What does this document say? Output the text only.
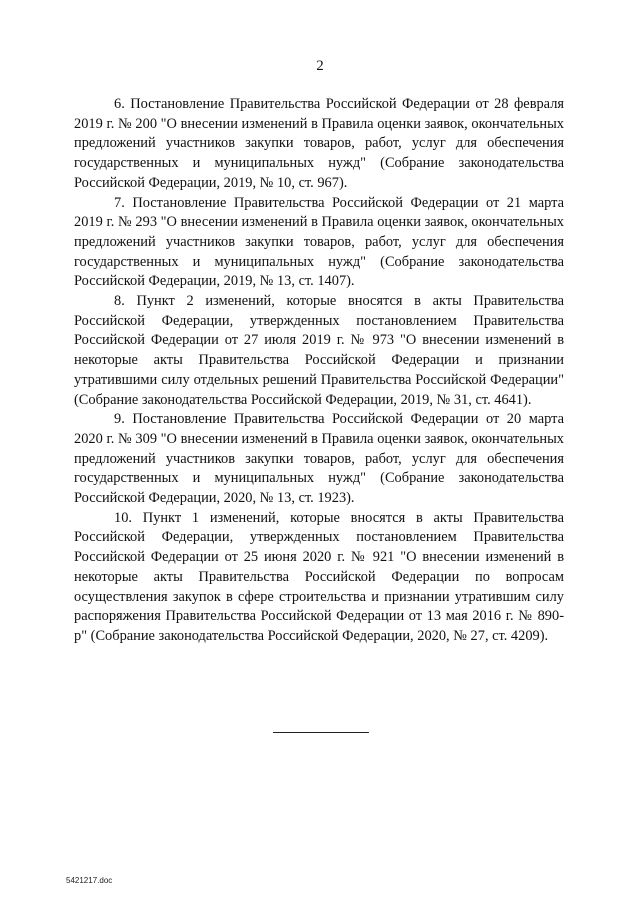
2

6. Постановление Правительства Российской Федерации от 28 февраля 2019 г. № 200 "О внесении изменений в Правила оценки заявок, окончательных предложений участников закупки товаров, работ, услуг для обеспечения государственных и муниципальных нужд" (Собрание законодательства Российской Федерации, 2019, № 10, ст. 967).

7. Постановление Правительства Российской Федерации от 21 марта 2019 г. № 293 "О внесении изменений в Правила оценки заявок, окончательных предложений участников закупки товаров, работ, услуг для обеспечения государственных и муниципальных нужд" (Собрание законодательства Российской Федерации, 2019, № 13, ст. 1407).

8. Пункт 2 изменений, которые вносятся в акты Правительства Российской Федерации, утвержденных постановлением Правительства Российской Федерации от 27 июля 2019 г. № 973 "О внесении изменений в некоторые акты Правительства Российской Федерации и признании утратившими силу отдельных решений Правительства Российской Федерации" (Собрание законодательства Российской Федерации, 2019, № 31, ст. 4641).

9. Постановление Правительства Российской Федерации от 20 марта 2020 г. № 309 "О внесении изменений в Правила оценки заявок, окончательных предложений участников закупки товаров, работ, услуг для обеспечения государственных и муниципальных нужд" (Собрание законодательства Российской Федерации, 2020, № 13, ст. 1923).

10. Пункт 1 изменений, которые вносятся в акты Правительства Российской Федерации, утвержденных постановлением Правительства Российской Федерации от 25 июня 2020 г. № 921 "О внесении изменений в некоторые акты Правительства Российской Федерации по вопросам осуществления закупок в сфере строительства и признании утратившим силу распоряжения Правительства Российской Федерации от 13 мая 2016 г. № 890-р" (Собрание законодательства Российской Федерации, 2020, № 27, ст. 4209).

5421217.doc
